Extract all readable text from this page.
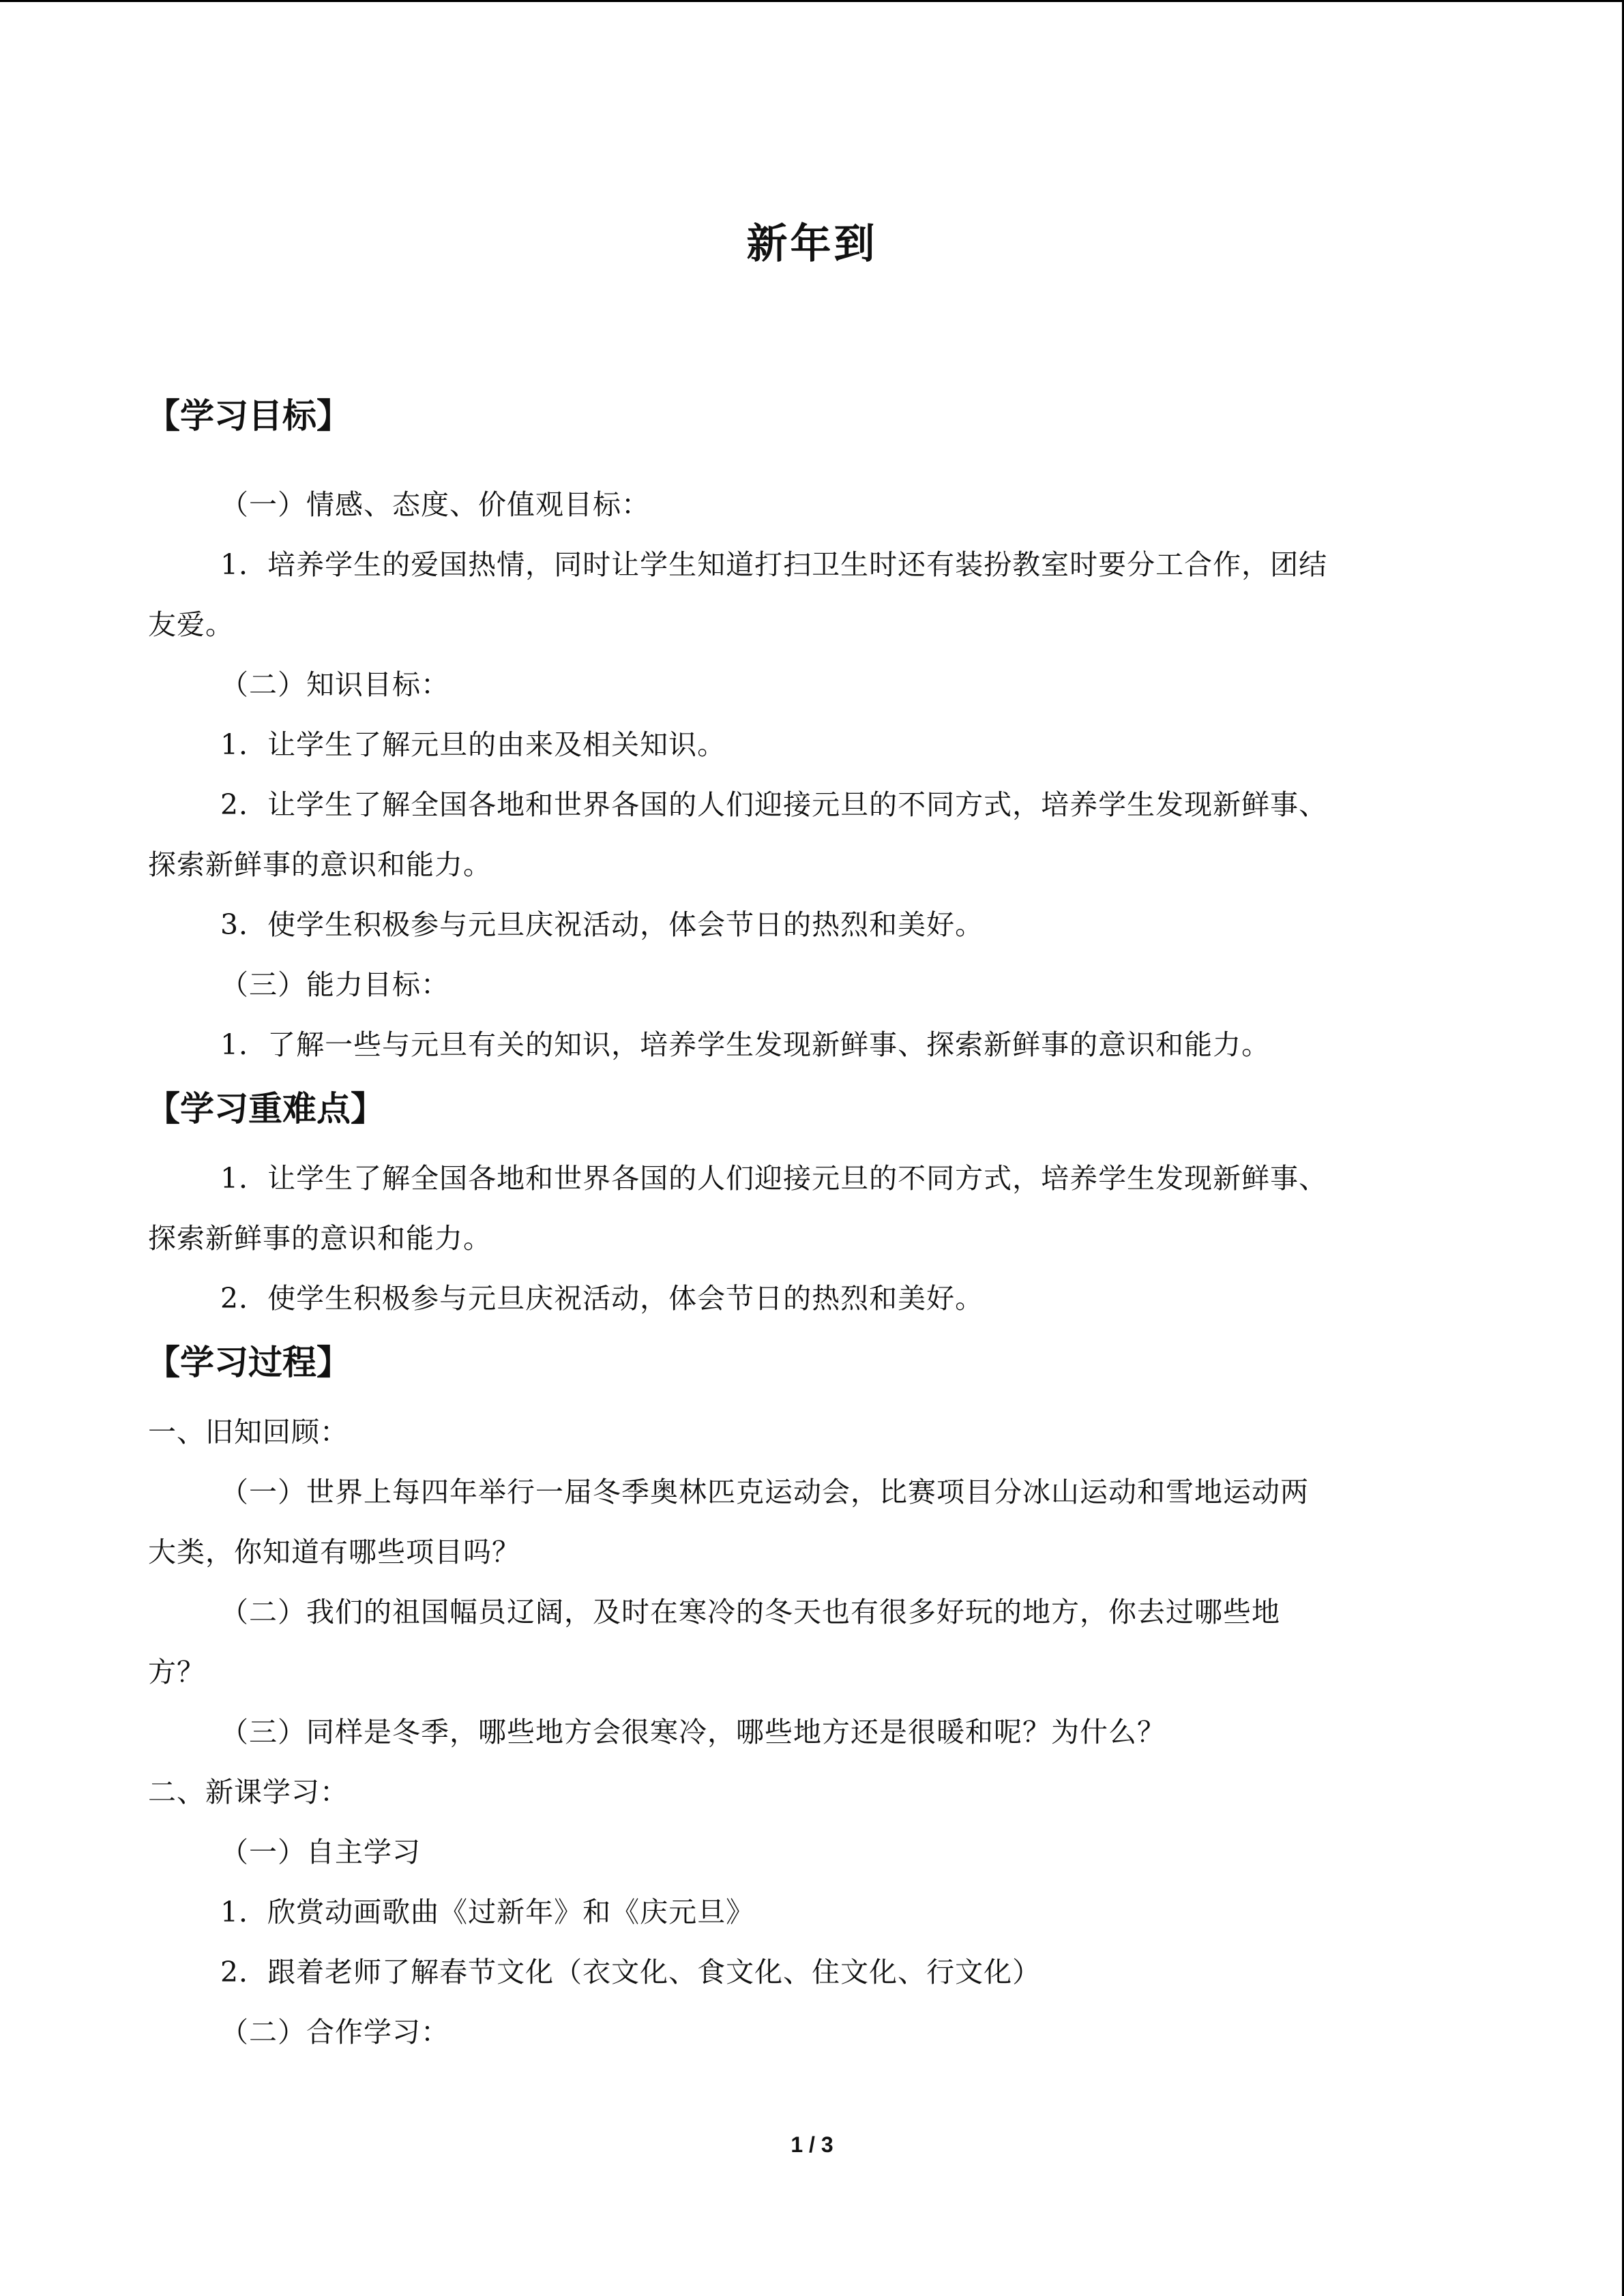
新年到
【学习目标】
（一）情感、态度、价值观目标：
1．培养学生的爱国热情，同时让学生知道打扫卫生时还有装扮教室时要分工合作，团结
友爱。
（二）知识目标：
1．让学生了解元旦的由来及相关知识。
2．让学生了解全国各地和世界各国的人们迎接元旦的不同方式，培养学生发现新鲜事、
探索新鲜事的意识和能力。
3．使学生积极参与元旦庆祝活动，体会节日的热烈和美好。
（三）能力目标：
1．了解一些与元旦有关的知识，培养学生发现新鲜事、探索新鲜事的意识和能力。
【学习重难点】
1．让学生了解全国各地和世界各国的人们迎接元旦的不同方式，培养学生发现新鲜事、
探索新鲜事的意识和能力。
2．使学生积极参与元旦庆祝活动，体会节日的热烈和美好。
【学习过程】
一、旧知回顾：
（一）世界上每四年举行一届冬季奥林匹克运动会，比赛项目分冰山运动和雪地运动两
大类，你知道有哪些项目吗？
（二）我们的祖国幅员辽阔，及时在寒冷的冬天也有很多好玩的地方，你去过哪些地
方？
（三）同样是冬季，哪些地方会很寒冷，哪些地方还是很暖和呢？为什么？
二、新课学习：
（一）自主学习
1．欣赏动画歌曲《过新年》和《庆元旦》
2．跟着老师了解春节文化（衣文化、食文化、住文化、行文化）
（二）合作学习：
1 / 3
